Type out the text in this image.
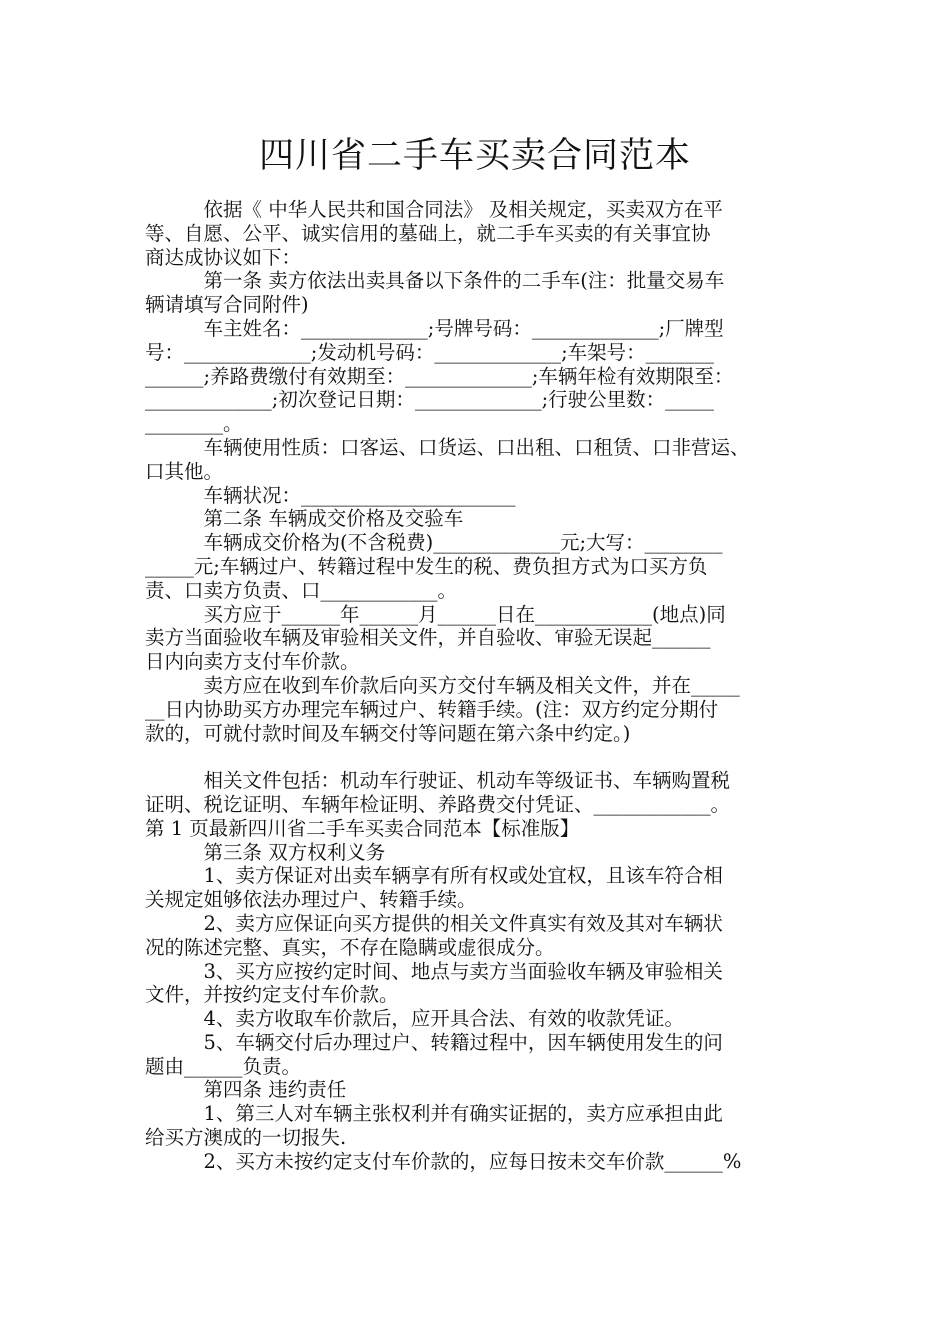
四川省二手车买卖合同范本
　　　依据《 中华人民共和国合同法》 及相关规定，买卖双方在平
等、自愿、公平、诚实信用的墓础上，就二手车买卖的有关事宜协
商达成协议如下：
　　　第一条 卖方依法出卖具备以下条件的二手车(注：批量交易车
辆请填写合同附件)
　　　车主姓名：_____________;号牌号码：_____________;厂牌型
号：_____________;发动机号码：_____________;车架号：_______
______;养路费缴付有效期至：_____________;车辆年检有效期限至：
_____________;初次登记日期：_____________;行驶公里数：_____
________。
　　　车辆使用性质：口客运、口货运、口出租、口租赁、口非营运、
口其他。
　　　车辆状况：______________________
　　　第二条 车辆成交价格及交验车
　　　车辆成交价格为(不含税费)_____________元;大写：________
_____元;车辆过户、转籍过程中发生的税、费负担方式为口买方负
责、口卖方负责、口____________。
　　　买方应于______年______月______日在____________(地点)同
卖方当面验收车辆及审验相关文件，并自验收、审验无误起______
日内向卖方支付车价款。
　　　卖方应在收到车价款后向买方交付车辆及相关文件，并在_____
__日内协助买方办理完车辆过户、转籍手续。(注：双方约定分期付
款的，可就付款时间及车辆交付等问题在第六条中约定。)
　　　相关文件包括：机动车行驶证、机动车等级证书、车辆购置税
证明、税讫证明、车辆年检证明、养路费交付凭证、____________。
第 1 页最新四川省二手车买卖合同范本【标准版】
　　　第三条 双方权利义务
　　　1、卖方保证对出卖车辆享有所有权或处宜权，且该车符合相
关规定姐够依法办理过户、转籍手续。
　　　2、卖方应保证向买方提供的相关文件真实有效及其对车辆状
况的陈述完整、真实，不存在隐瞒或虚很成分。
　　　3、买方应按约定时间、地点与卖方当面验收车辆及审验相关
文件，并按约定支付车价款。
　　　4、卖方收取车价款后，应开具合法、有效的收款凭证。
　　　5、车辆交付后办理过户、转籍过程中，因车辆使用发生的问
题由______负责。
　　　第四条 违约责任
　　　1、第三人对车辆主张权利并有确实证据的，卖方应承担由此
给买方澳成的一切报失.
　　　2、买方未按约定支付车价款的，应每日按未交车价款______%
